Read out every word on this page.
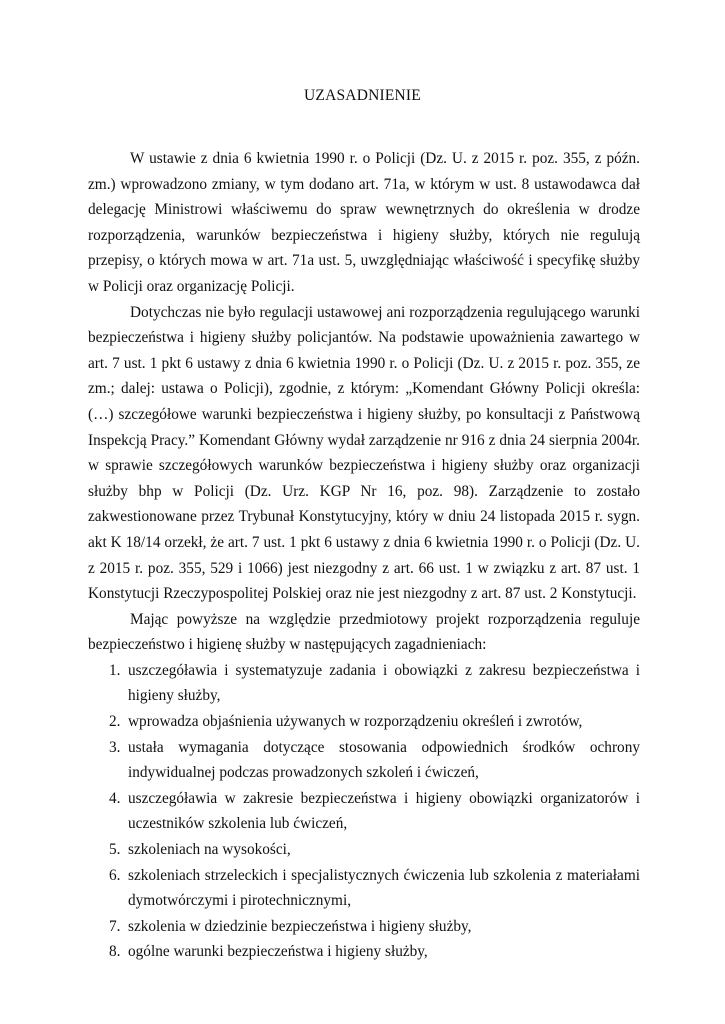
UZASADNIENIE

W ustawie z dnia 6 kwietnia 1990 r. o Policji (Dz. U. z 2015 r. poz. 355, z późn. zm.) wprowadzono zmiany, w tym dodano art. 71a, w którym w ust. 8 ustawodawca dał delegację Ministrowi właściwemu do spraw wewnętrznych do określenia w drodze rozporządzenia, warunków bezpieczeństwa i higieny służby, których nie regulują przepisy, o których mowa w art. 71a ust. 5, uwzględniając właściwość i specyfikę służby w Policji oraz organizację Policji.

Dotychczas nie było regulacji ustawowej ani rozporządzenia regulującego warunki bezpieczeństwa i higieny służby policjantów. Na podstawie upoważnienia zawartego w art. 7 ust. 1 pkt 6 ustawy z dnia 6 kwietnia 1990 r. o Policji (Dz. U. z 2015 r. poz. 355, ze zm.; dalej: ustawa o Policji), zgodnie, z którym: „Komendant Główny Policji określa: (…) szczegółowe warunki bezpieczeństwa i higieny służby, po konsultacji z Państwową Inspekcją Pracy.” Komendant Główny wydał zarządzenie nr 916 z dnia 24 sierpnia 2004r. w sprawie szczegółowych warunków bezpieczeństwa i higieny służby oraz organizacji służby bhp w Policji (Dz. Urz. KGP Nr 16, poz. 98). Zarządzenie to zostało zakwestionowane przez Trybunał Konstytucyjny, który w dniu 24 listopada 2015 r. sygn. akt K 18/14 orzekł, że art. 7 ust. 1 pkt 6 ustawy z dnia 6 kwietnia 1990 r. o Policji (Dz. U. z 2015 r. poz. 355, 529 i 1066) jest niezgodny z art. 66 ust. 1 w związku z art. 87 ust. 1 Konstytucji Rzeczypospolitej Polskiej oraz nie jest niezgodny z art. 87 ust. 2 Konstytucji.

Mając powyższe na względzie przedmiotowy projekt rozporządzenia reguluje bezpieczeństwo i higienę służby w następujących zagadnieniach:

1. uszczegóławia i systematyzuje zadania i obowiązki z zakresu bezpieczeństwa i higieny służby,
2. wprowadza objaśnienia używanych w rozporządzeniu określeń i zwrotów,
3. ustała wymagania dotyczące stosowania odpowiednich środków ochrony indywidualnej podczas prowadzonych szkoleń i ćwiczeń,
4. uszczegóławia w zakresie bezpieczeństwa i higieny obowiązki organizatorów i uczestników szkolenia lub ćwiczeń,
5. szkoleniach na wysokości,
6. szkoleniach strzeleckich i specjalistycznych ćwiczenia lub szkolenia z materiałami dymotwórczymi i pirotechnicznymi,
7. szkolenia w dziedzinie bezpieczeństwa i higieny służby,
8. ogólne warunki bezpieczeństwa i higieny służby,
